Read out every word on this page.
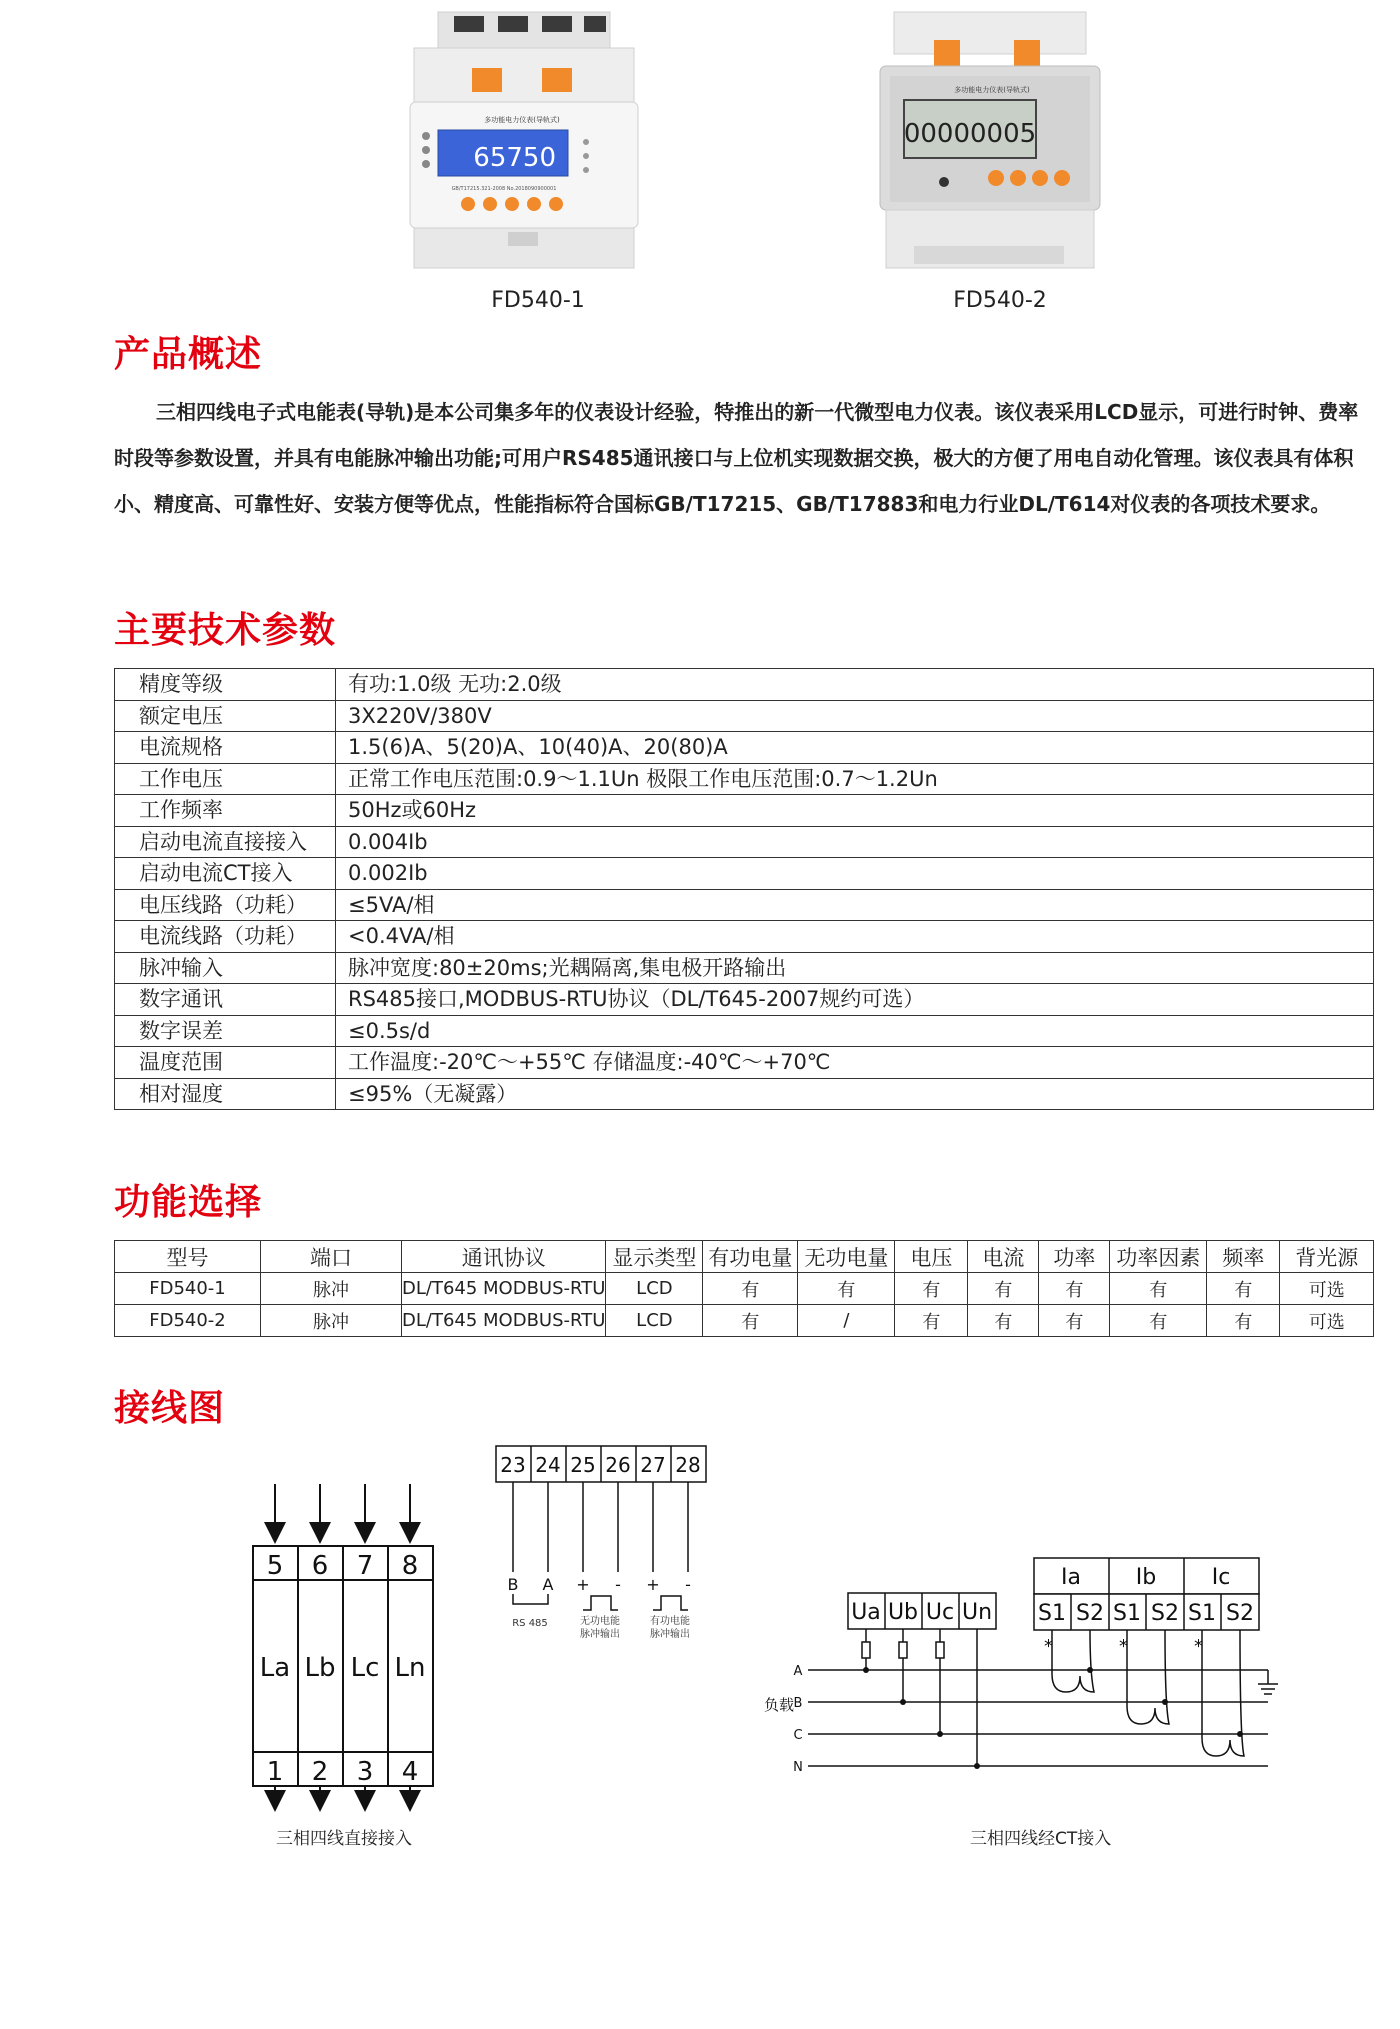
多功能电力仪表(导轨式)
65750
GB/T17215.321-2008 No.2018090900001
FD540-1
多功能电力仪表(导轨式)
00000005
FD540-2
产品概述

三相四线电子式电能表(导轨)是本公司集多年的仪表设计经验，特推出的新一代微型电力仪表。该仪表采用LCD显示，可进行时钟、费率时段等参数设置，并具有电能脉冲输出功能;可用户RS485通讯接口与上位机实现数据交换，极大的方便了用电自动化管理。该仪表具有体积小、精度高、可靠性好、安装方便等优点，性能指标符合国标GB/T17215、GB/T17883和电力行业DL/T614对仪表的各项技术要求。

主要技术参数
精度等级	有功:1.0级 无功:2.0级
额定电压	3X220V/380V
电流规格	1.5(6)A、5(20)A、10(40)A、20(80)A
工作电压	正常工作电压范围:0.9～1.1Un 极限工作电压范围:0.7～1.2Un
工作频率	50Hz或60Hz
启动电流直接接入	0.004Ib
启动电流CT接入	0.002Ib
电压线路（功耗）	≤5VA/相
电流线路（功耗）	<0.4VA/相
脉冲输入	脉冲宽度:80±20ms;光耦隔离,集电极开路输出
数字通讯	RS485接口,MODBUS-RTU协议（DL/T645-2007规约可选）
数字误差	≤0.5s/d
温度范围	工作温度:-20℃～+55℃ 存储温度:-40℃～+70℃
相对湿度	≤95%（无凝露）
功能选择
型号	端口	通讯协议	显示类型	有功电量	无功电量	电压	电流	功率	功率因素	频率	背光源
FD540-1	脉冲	DL/T645 MODBUS-RTU	LCD	有	有	有	有	有	有	有	可选
FD540-2	脉冲	DL/T645 MODBUS-RTU	LCD	有	/	有	有	有	有	有	可选
接线图
5 6 7 8
La Lb Lc Ln
1 2 3 4
三相四线直接接入
23 24 25 26 27 28
B A + - + -
RS 485	无功电能
脉冲输出
有功电能
脉冲输出
Ua Ub Uc Un
Ia Ib	Ic
S1 S2 S1 S2 S1 S2
*	*	*
A
B
C
N
负载
三相四线经CT接入
